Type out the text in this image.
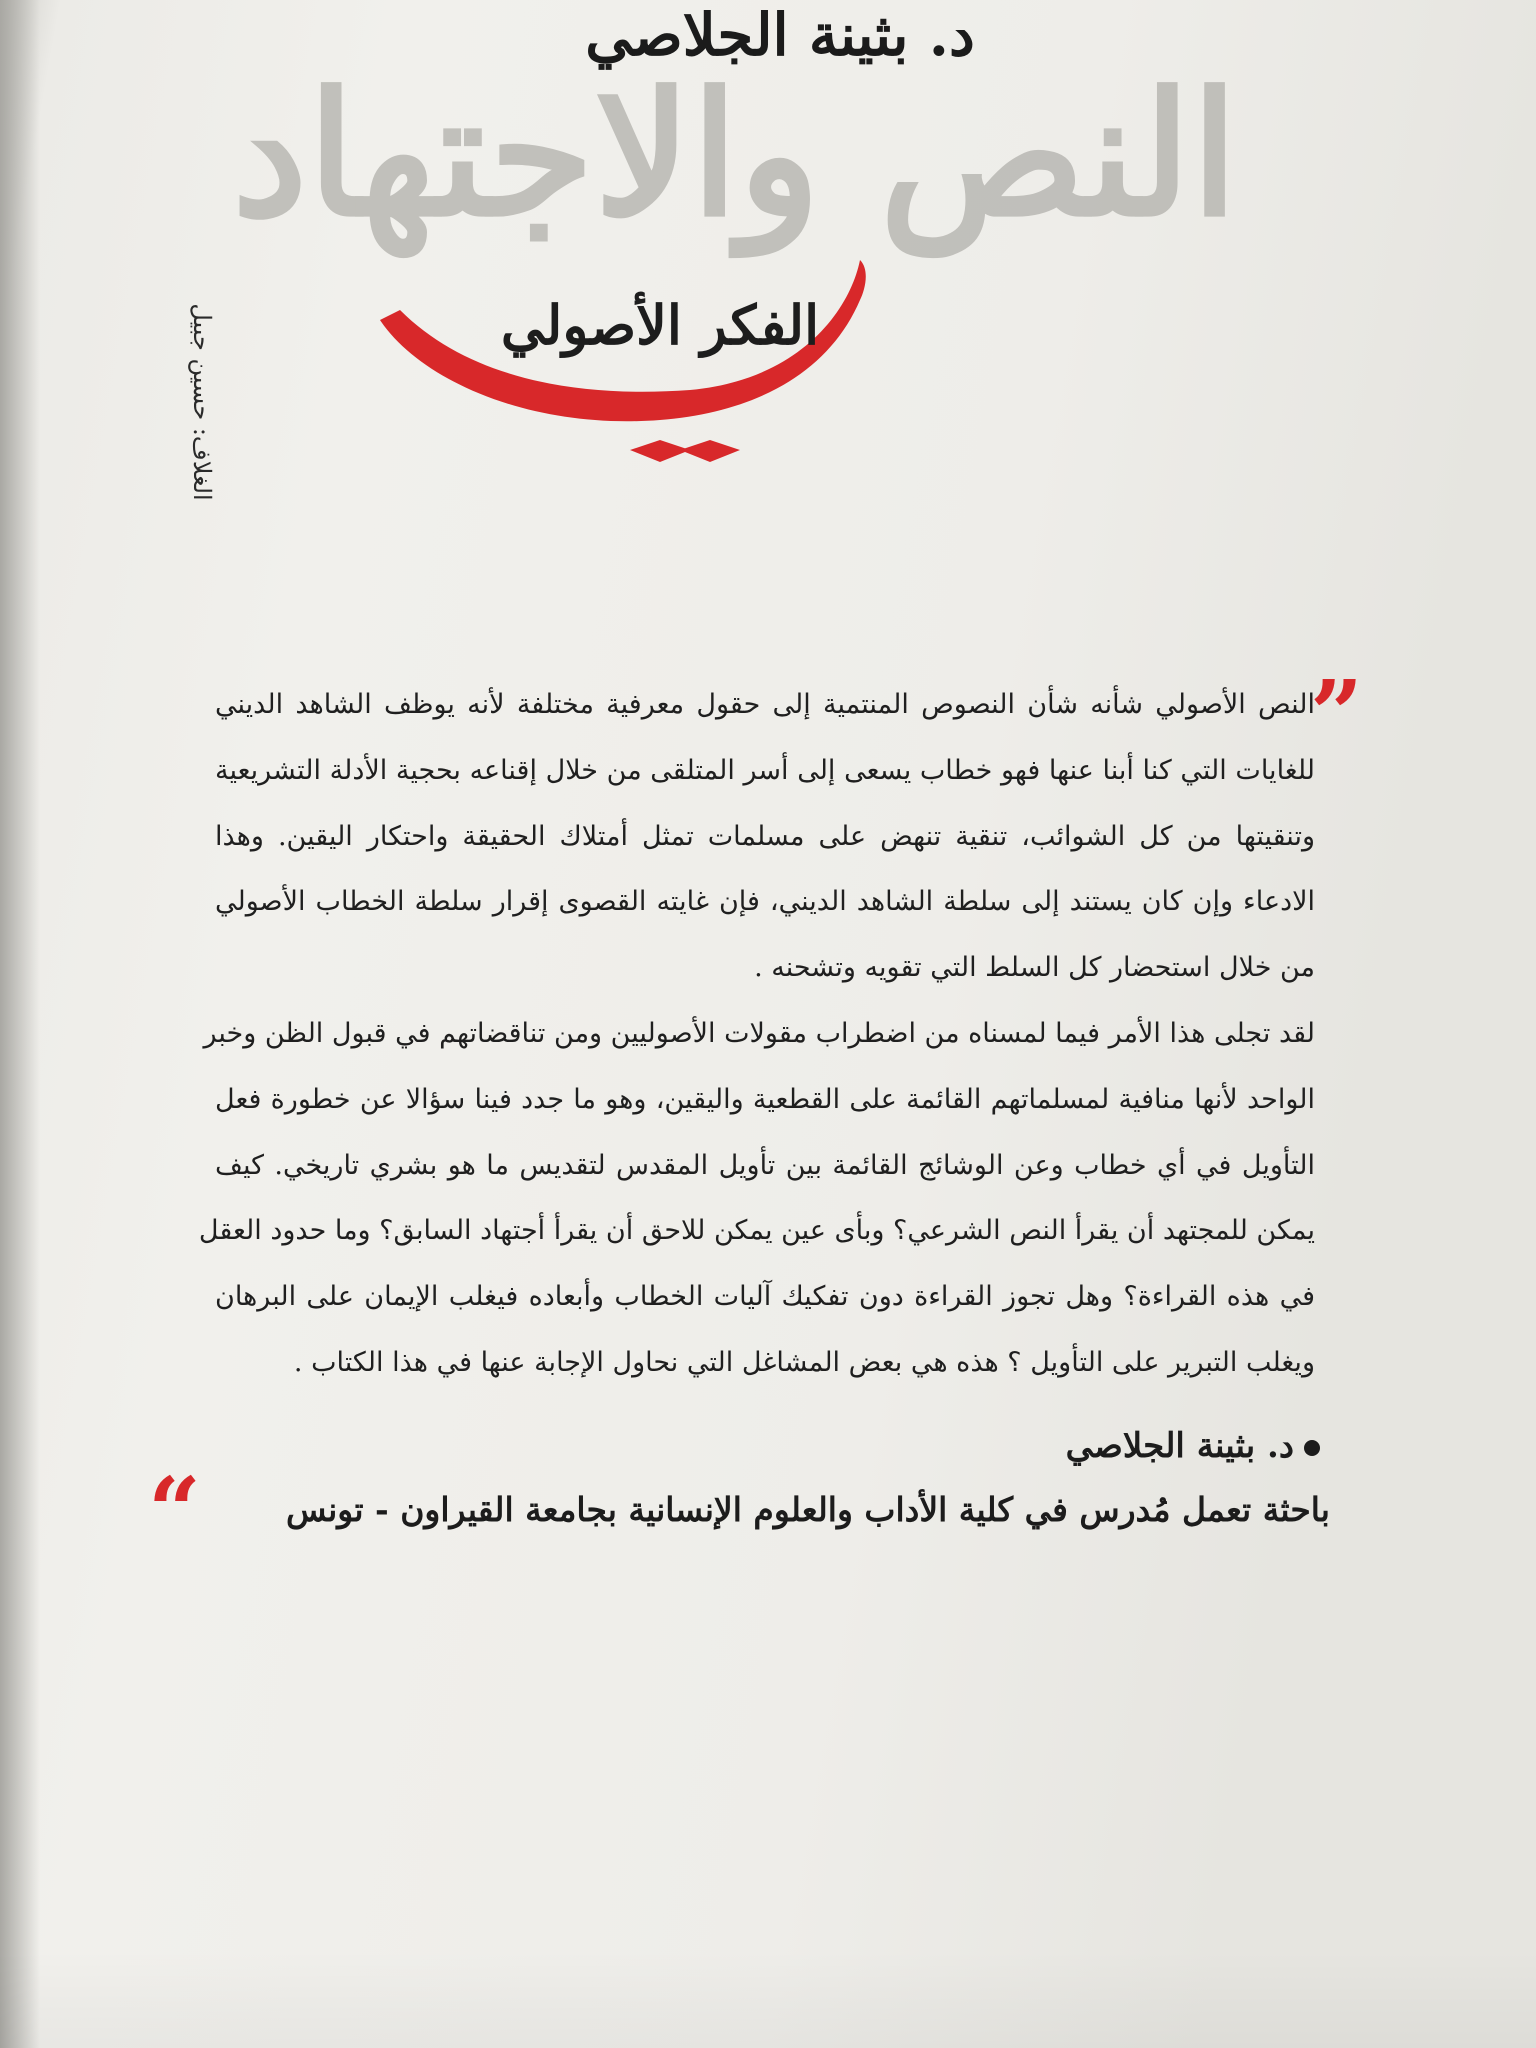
النص والاجتهاد
د. بثينة الجلاصي
الفكر الأصولي
الغلاف: حسين جبيل
”
النص الأصولي شأنه شأن النصوص المنتمية إلى حقول معرفية مختلفة لأنه يوظف الشاهد الديني
للغايات التي كنا أبنا عنها فهو خطاب يسعى إلى أسر المتلقى من خلال إقناعه بحجية الأدلة التشريعية
وتنقيتها من كل الشوائب، تنقية تنهض على مسلمات تمثل أمتلاك الحقيقة واحتكار اليقين. وهذا
الادعاء وإن كان يستند إلى سلطة الشاهد الديني، فإن غايته القصوى إقرار سلطة الخطاب الأصولي
من خلال استحضار كل السلط التي تقويه وتشحنه .
لقد تجلى هذا الأمر فيما لمسناه من اضطراب مقولات الأصوليين ومن تناقضاتهم في قبول الظن وخبر
الواحد لأنها منافية لمسلماتهم القائمة على القطعية واليقين، وهو ما جدد فينا سؤالا عن خطورة فعل
التأويل في أي خطاب وعن الوشائج القائمة بين تأويل المقدس لتقديس ما هو بشري تاريخي. كيف
يمكن للمجتهد أن يقرأ النص الشرعي؟ وبأى عين يمكن للاحق أن يقرأ أجتهاد السابق؟ وما حدود العقل
في هذه القراءة؟ وهل تجوز القراءة دون تفكيك آليات الخطاب وأبعاده فيغلب الإيمان على البرهان
ويغلب التبرير على التأويل ؟ هذه هي بعض المشاغل التي نحاول الإجابة عنها في هذا الكتاب .
د. بثينة الجلاصي
باحثة تعمل مُدرس في كلية الأداب والعلوم الإنسانية بجامعة القيراون - تونس
“
